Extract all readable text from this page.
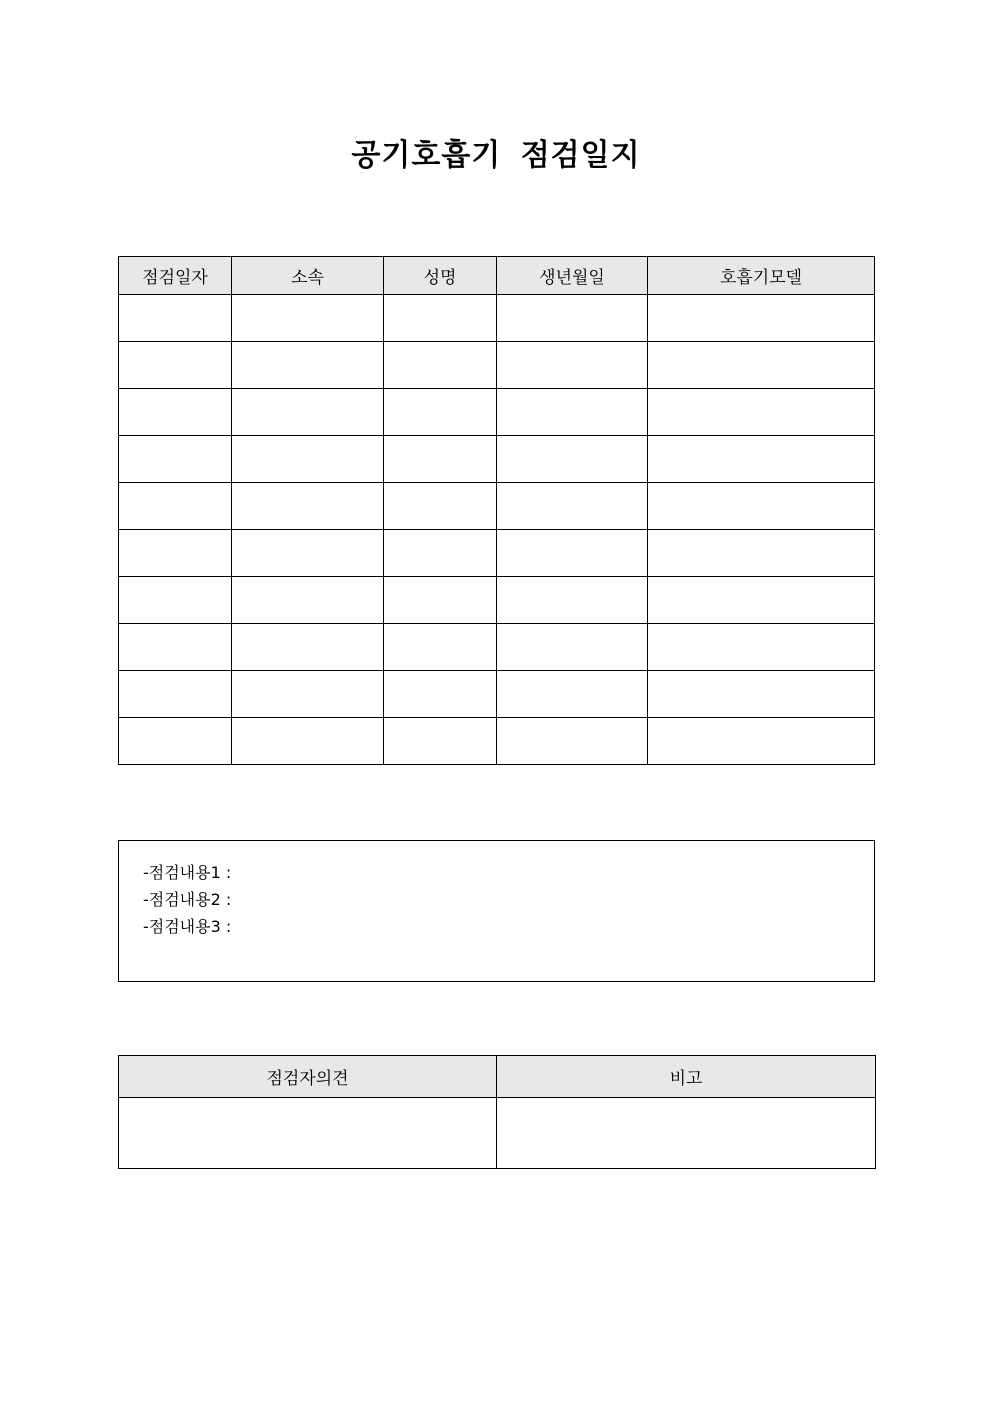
공기호흡기 점검일지
점검일자	소속	성명	생년월일	호흡기모델

-점검내용1 :
-점검내용2 :
-점검내용3 :
점검자의견	비고
